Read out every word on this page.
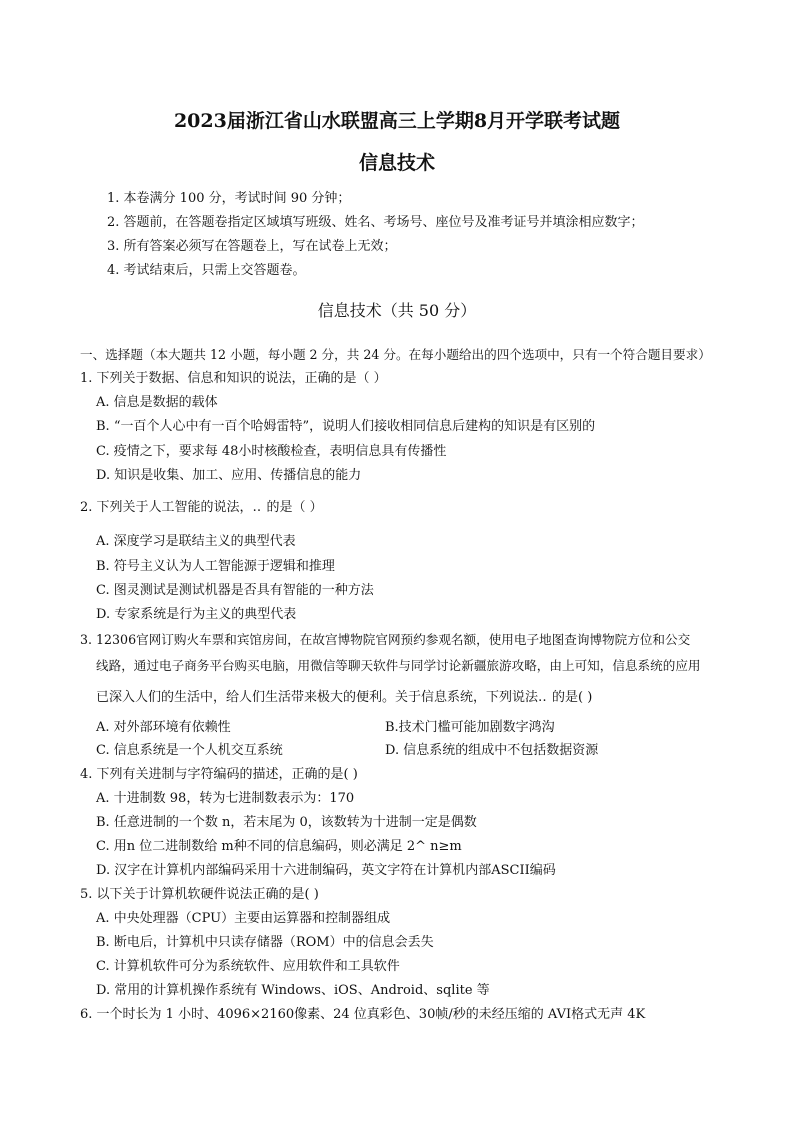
2023届浙江省山水联盟高三上学期8月开学联考试题
信息技术
1. 本卷满分 100 分，考试时间 90 分钟；
2. 答题前，在答题卷指定区域填写班级、姓名、考场号、座位号及准考证号并填涂相应数字；
3. 所有答案必须写在答题卷上，写在试卷上无效；
4. 考试结束后，只需上交答题卷。
信息技术（共 50 分）
一、选择题（本大题共 12 小题，每小题 2 分，共 24 分。在每小题给出的四个选项中，只有一个符合题目要求）
1. 下列关于数据、信息和知识的说法，正确的是（ ）
A. 信息是数据的载体
B. “一百个人心中有一百个哈姆雷特”，说明人们接收相同信息后建构的知识是有区别的
C. 疫情之下，要求每 48小时核酸检查，表明信息具有传播性
D. 知识是收集、加工、应用、传播信息的能力
2. 下列关于人工智能的说法，‥ 的是（ ）
A. 深度学习是联结主义的典型代表
B. 符号主义认为人工智能源于逻辑和推理
C. 图灵测试是测试机器是否具有智能的一种方法
D. 专家系统是行为主义的典型代表
3. 12306官网订购火车票和宾馆房间，在故宫博物院官网预约参观名额，使用电子地图查询博物院方位和公交
线路，通过电子商务平台购买电脑，用微信等聊天软件与同学讨论新疆旅游攻略，由上可知，信息系统的应用
已深入人们的生活中，给人们生活带来极大的便利。关于信息系统，下列说法‥ 的是( )
A. 对外部环境有依赖性	B.技术门槛可能加剧数字鸿沟
C. 信息系统是一个人机交互系统	D. 信息系统的组成中不包括数据资源
4. 下列有关进制与字符编码的描述，正确的是( )
A. 十进制数 98，转为七进制数表示为：170
B. 任意进制的一个数 n，若末尾为 0，该数转为十进制一定是偶数
C. 用n 位二进制数给 m种不同的信息编码，则必满足 2^ n≥m
D. 汉字在计算机内部编码采用十六进制编码，英文字符在计算机内部ASCII编码
5. 以下关于计算机软硬件说法正确的是( )
A. 中央处理器（CPU）主要由运算器和控制器组成
B. 断电后，计算机中只读存储器（ROM）中的信息会丢失
C. 计算机软件可分为系统软件、应用软件和工具软件
D. 常用的计算机操作系统有 Windows、iOS、Android、sqlite 等
6. 一个时长为 1 小时、4096×2160像素、24 位真彩色、30帧/秒的未经压缩的 AVI格式无声 4K
